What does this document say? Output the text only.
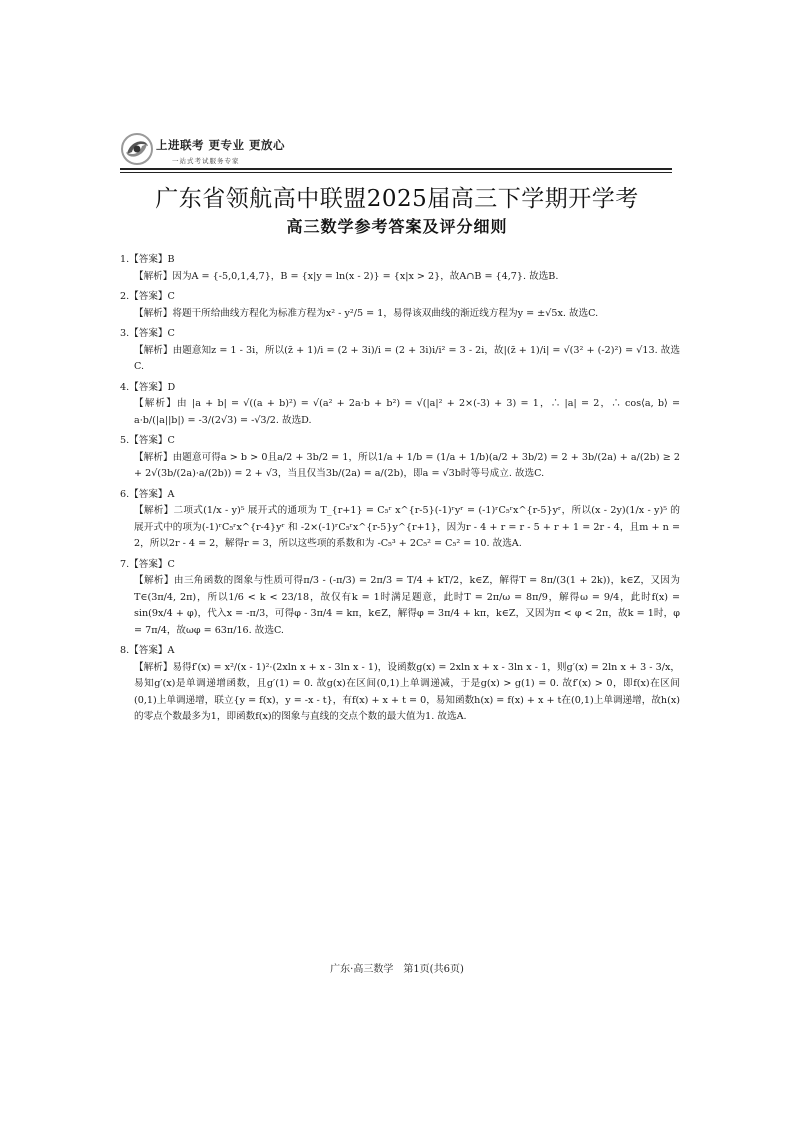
上进联考 更专业 更放心
一站式考试服务专家
广东省领航高中联盟2025届高三下学期开学考
高三数学参考答案及评分细则

1.【答案】B

【解析】因为A = {-5,0,1,4,7}，B = {x|y = ln(x - 2)} = {x|x > 2}，故A∩B = {4,7}. 故选B.

2.【答案】C

【解析】将题干所给曲线方程化为标准方程为x² - y²/5 = 1，易得该双曲线的渐近线方程为y = ±√5x. 故选C.

3.【答案】C

【解析】由题意知z = 1 - 3i，所以(z̄ + 1)/i = (2 + 3i)/i = (2 + 3i)i/i² = 3 - 2i，故|(z̄ + 1)/i| = √(3² + (-2)²) = √13. 故选C.

4.【答案】D

【解析】由 |a + b| = √((a + b)²) = √(a² + 2a·b + b²) = √(|a|² + 2×(-3) + 3) = 1，∴ |a| = 2，∴ cos⟨a, b⟩ = a·b/(|a||b|) = -3/(2√3) = -√3/2. 故选D.

5.【答案】C

【解析】由题意可得a > b > 0且a/2 + 3b/2 = 1，所以1/a + 1/b = (1/a + 1/b)(a/2 + 3b/2) = 2 + 3b/(2a) + a/(2b) ≥ 2 + 2√(3b/(2a)·a/(2b)) = 2 + √3，当且仅当3b/(2a) = a/(2b)，即a = √3b时等号成立. 故选C.

6.【答案】A

【解析】二项式(1/x - y)⁵ 展开式的通项为 T_{r+1} = C₅ʳ x^{r-5}(-1)ʳyʳ = (-1)ʳC₅ʳx^{r-5}yʳ，所以(x - 2y)(1/x - y)⁵ 的展开式中的项为(-1)ʳC₅ʳx^{r-4}yʳ 和 -2×(-1)ʳC₅ʳx^{r-5}y^{r+1}，因为r - 4 + r = r - 5 + r + 1 = 2r - 4，且m + n = 2，所以2r - 4 = 2，解得r = 3，所以这些项的系数和为 -C₅³ + 2C₅² = C₅² = 10. 故选A.

7.【答案】C

【解析】由三角函数的图象与性质可得π/3 - (-π/3) = 2π/3 = T/4 + kT/2，k∈Z，解得T = 8π/(3(1 + 2k))，k∈Z，又因为T∈(3π/4, 2π)，所以1/6 < k < 23/18，故仅有k = 1时满足题意，此时T = 2π/ω = 8π/9，解得ω = 9/4，此时f(x) = sin(9x/4 + φ)，代入x = -π/3，可得φ - 3π/4 = kπ，k∈Z，解得φ = 3π/4 + kπ，k∈Z，又因为π < φ < 2π，故k = 1时，φ = 7π/4，故ωφ = 63π/16. 故选C.

8.【答案】A

【解析】易得f′(x) = x²/(x - 1)²·(2xln x + x - 3ln x - 1)，设函数g(x) = 2xln x + x - 3ln x - 1，则g′(x) = 2ln x + 3 - 3/x，易知g′(x)是单调递增函数，且g′(1) = 0. 故g(x)在区间(0,1)上单调递减，于是g(x) > g(1) = 0. 故f′(x) > 0，即f(x)在区间(0,1)上单调递增，联立{y = f(x)，y = -x - t}，有f(x) + x + t = 0，易知函数h(x) = f(x) + x + t在(0,1)上单调递增，故h(x)的零点个数最多为1，即函数f(x)的图象与直线的交点个数的最大值为1. 故选A.

广东·高三数学　第1页(共6页)
